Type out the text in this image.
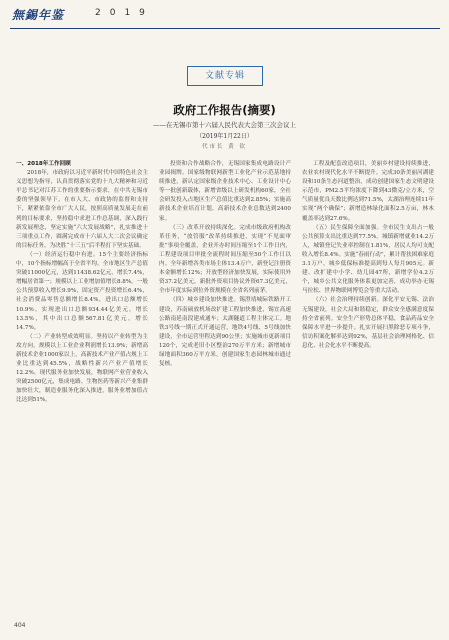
無錫年鉴	2019
文献专辑
政府工作报告(摘要)
——在无锡市第十六届人民代表大会第三次会议上
（2019年1月22日）
代市长 黄 钦

一、2018年工作回顾

2018年，市政府以习近平新时代中国特色社会主义思想为指导，认真贯彻落实党的十九大精神和习近平总书记对江苏工作的重要指示要求，在中共无锡市委的坚强领导下，在市人大、市政协的监督和支持下，紧紧依靠全市广大人民，按照高质量发展走在前列的目标要求，坚持稳中求进工作总基调，深入践行新发展理念，坚定实施“六大发展战略”，扎实推进十三项重点工作，圆满完成市十六届人大二次会议确定的目标任务，为决胜“十三五”后半程打下坚实基础。

（一）经济运行稳中有进。15个主要经济指标中，10个指标增幅高于全省平均。全市地区生产总值突破11000亿元，达到11438.62亿元，增长7.4%，增幅居省第一；规模以上工业增加值增长8.8%，一般公共预算收入增长9.9%，固定资产投资增长6.4%，社会消费品零售总额增长8.4%，进出口总额增长10.9%。实现进出口总额934.44亿美元，增长13.5%，其中出口总额567.81亿美元，增长14.7%。

（二）产业转型成效明显。坚持以产业转型为主攻方向，规模以上工业企业利润增长13.9%；新增高新技术企业1000家以上，高新技术产业产值占规上工业比重达到45.5%，战略性新兴产业产值增长12.2%。现代服务业加快发展，物联网产业营业收入突破2500亿元，集成电路、生物医药等新兴产业集群加快壮大，制造业服务化深入推进，服务业增加值占比达到51%。

投资和合作战略合作，无锡国家集成电路设计产业园揭牌。国家级物联网新型工业化产业示范基地持续推进，新认定国家级企业技术中心、工业设计中心等一批创新载体，新增省级以上研发机构60家，全社会研发投入占地区生产总值比重达到2.85%；实施高新技术企业培育计划，高新技术企业总数达到2400家。

（三）改革开放持续深化。完成市级政府机构改革任务，“放管服”改革持续推进，实现“不见面审批”事项全覆盖，企业开办时间压缩至1个工作日内，工程建设项目审批全流程时间压缩至50个工作日以内。全年新增各类市场主体13.4万户，新登记注册资本金额增长12%；开放型经济加快发展，实际使用外资37.2亿美元，新批外资项目协议外资67.3亿美元，全市年度实际到位外资规模在全省名列前茅。

（四）城乡建设加快推进。锡澄靖城际铁路开工建设，苏南硕放机场改扩建工程加快推进，锡宜高速公路南延南段建成通车；太湖隧道工程主体完工。地铁3号线一期正式开通运营，地铁4号线、5号线加快建设，全市运营里程达到90公里；实施城市更新项目120个，完成老旧小区整治270万平方米；新增城市绿地面积360万平方米，创建国家生态园林城市通过复核。

工程及配套改造项目，美丽乡村建设持续推进，农业农村现代化水平不断提升。完成30条美丽河湖建设和10条生态河道整治，成功创建国家生态文明建设示范市，PM2.5平均浓度下降到43微克/立方米，空气质量优良天数比例达到71.5%，太湖治理连续11年实现“两个确保”；新增造林绿化面积2.5万亩，林木覆盖率达到27.6%。

（五）民生保障全面加强。全市民生支出占一般公共预算支出比重达到77.5%。城镇新增就业14.2万人，城镇登记失业率控制在1.81%，居民人均可支配收入增长8.4%。实施“春雨行动”，累计帮扶困难家庭3.1万户，城乡低保标准提高到每人每月905元。新建、改扩建中小学、幼儿园47所，新增学位4.2万个，城乡公共文化服务体系更加完善，成功举办无锡马拉松、世界物联网博览会等重大活动。

（六）社会治理持续创新。深化平安无锡、法治无锡建设，社会大局和谐稳定，群众安全感满意度保持全省前列。安全生产形势总体平稳，食品药品安全保障水平进一步提升。扎实开展扫黑除恶专项斗争，信访积案化解率达到92%，基层社会治理网格化、信息化、社会化水平不断提高。

404
